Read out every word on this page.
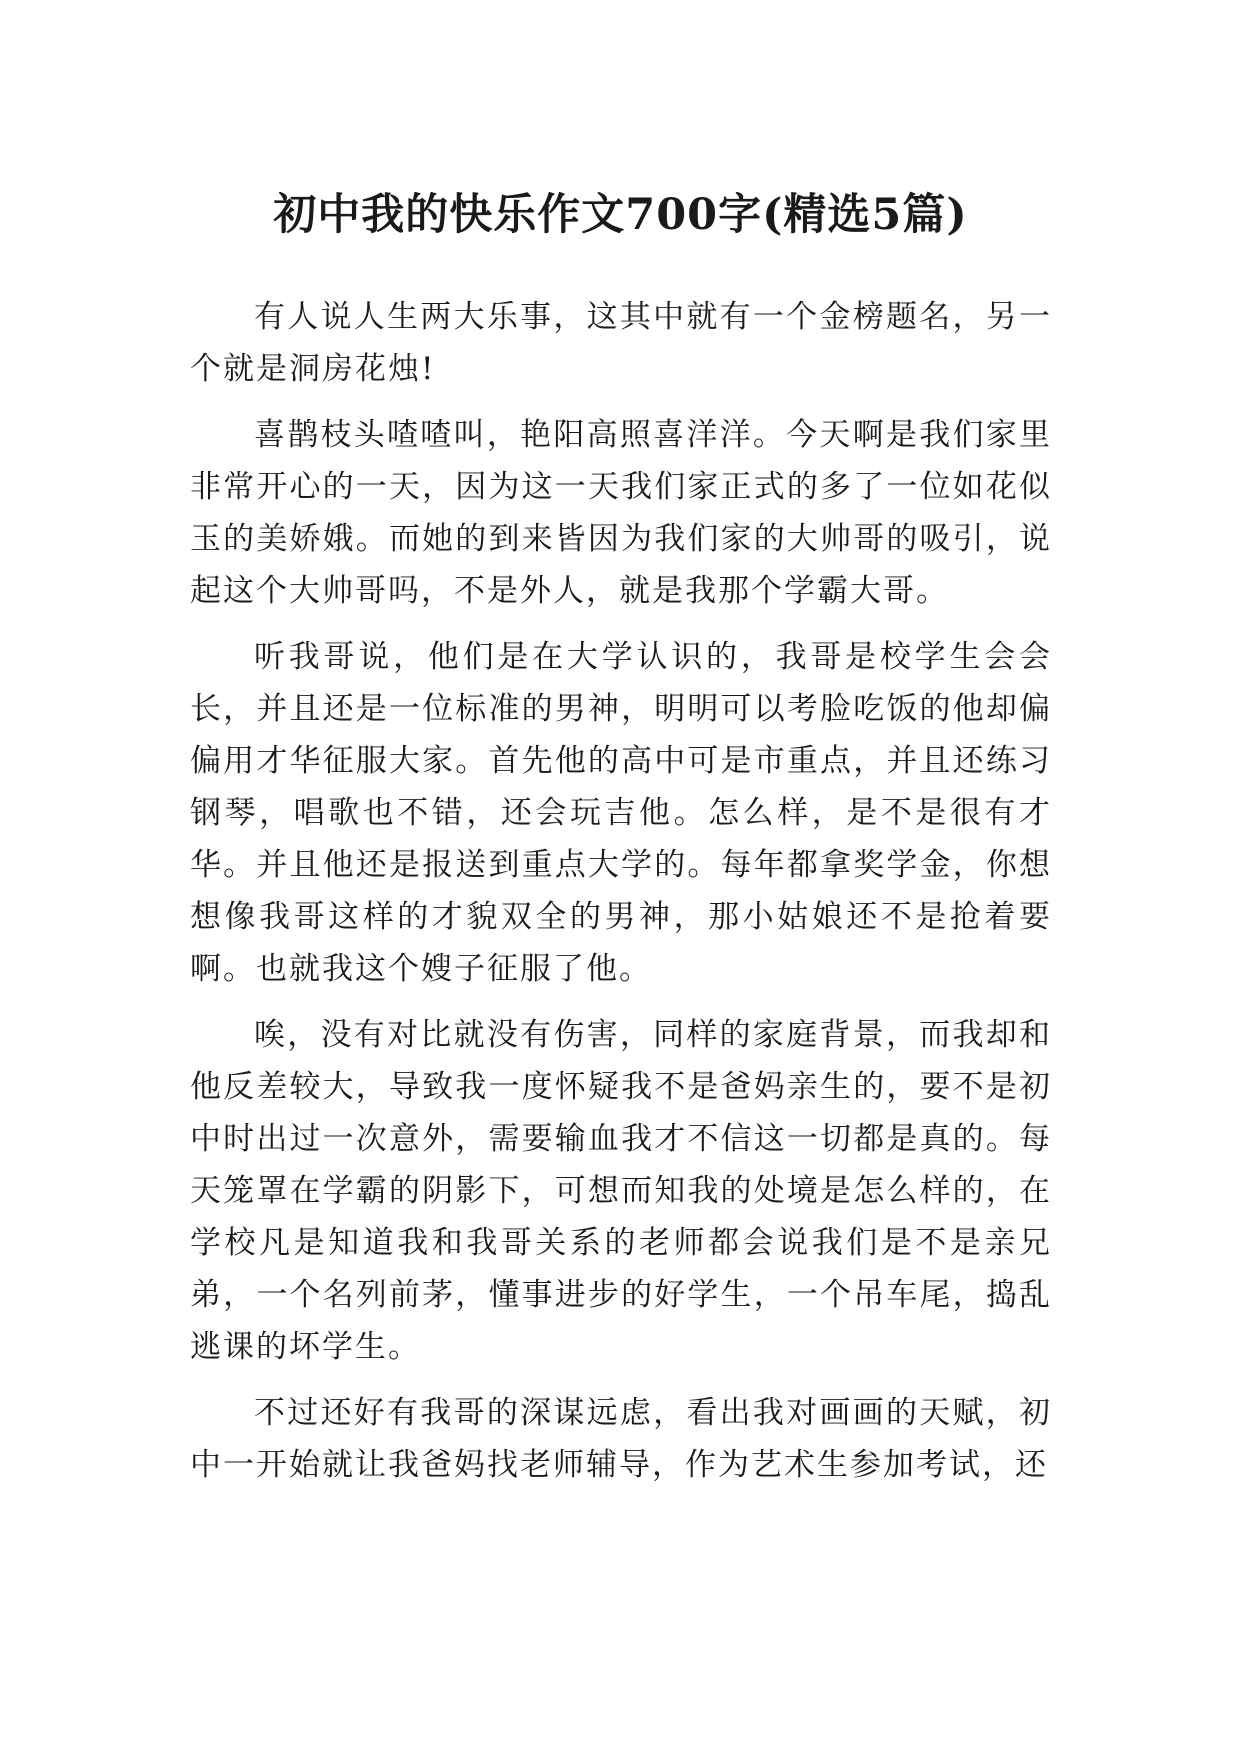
初中我的快乐作文700字(精选5篇)

有人说人生两大乐事，这其中就有一个金榜题名，另一个就是洞房花烛!

喜鹊枝头喳喳叫，艳阳高照喜洋洋。今天啊是我们家里非常开心的一天，因为这一天我们家正式的多了一位如花似玉的美娇娥。而她的到来皆因为我们家的大帅哥的吸引，说起这个大帅哥吗，不是外人，就是我那个学霸大哥。

听我哥说，他们是在大学认识的，我哥是校学生会会长，并且还是一位标准的男神，明明可以考脸吃饭的他却偏偏用才华征服大家。首先他的高中可是市重点，并且还练习钢琴，唱歌也不错，还会玩吉他。怎么样，是不是很有才华。并且他还是报送到重点大学的。每年都拿奖学金，你想想像我哥这样的才貌双全的男神，那小姑娘还不是抢着要啊。也就我这个嫂子征服了他。

唉，没有对比就没有伤害，同样的家庭背景，而我却和他反差较大，导致我一度怀疑我不是爸妈亲生的，要不是初中时出过一次意外，需要输血我才不信这一切都是真的。每天笼罩在学霸的阴影下，可想而知我的处境是怎么样的，在学校凡是知道我和我哥关系的老师都会说我们是不是亲兄弟，一个名列前茅，懂事进步的好学生，一个吊车尾，捣乱逃课的坏学生。

不过还好有我哥的深谋远虑，看出我对画画的天赋，初中一开始就让我爸妈找老师辅导，作为艺术生参加考试，还
